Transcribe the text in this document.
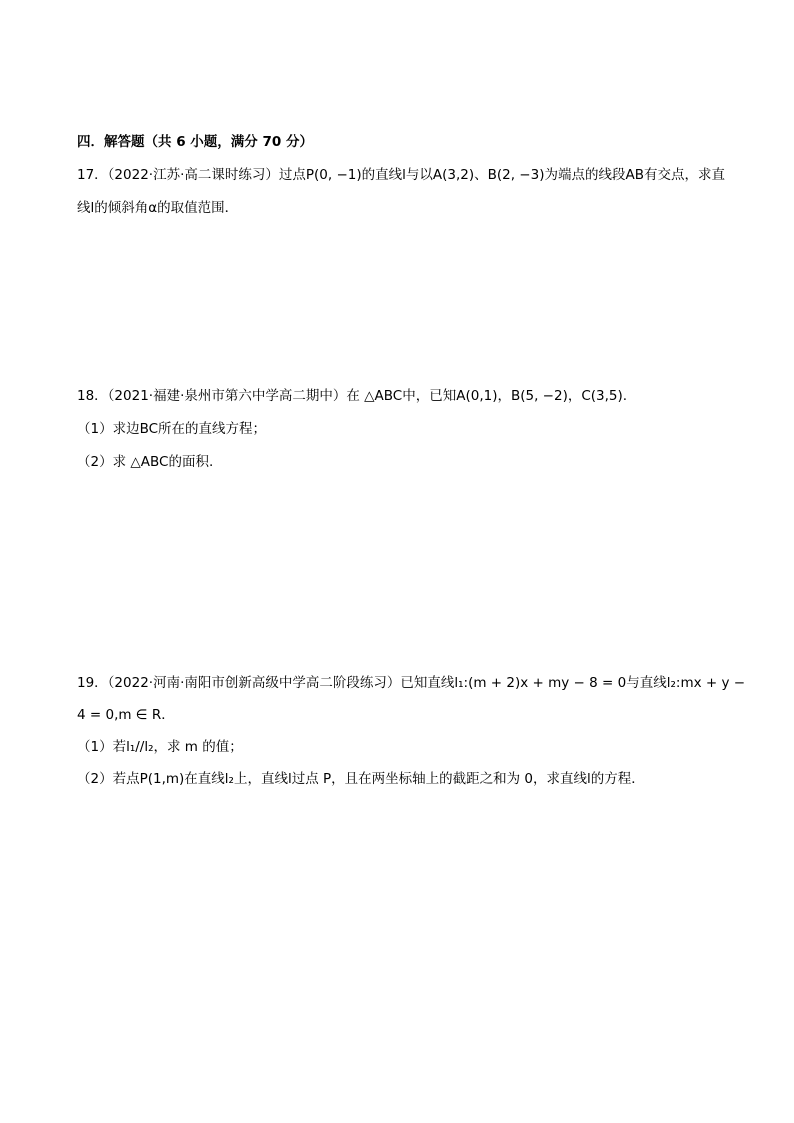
四．解答题（共 6 小题，满分 70 分）
17．（2022·江苏·高二课时练习）过点P(0, −1)的直线l与以A(3,2)、B(2, −3)为端点的线段AB有交点，求直
线l的倾斜角α的取值范围．
18．（2021·福建·泉州市第六中学高二期中）在 △ABC中，已知A(0,1)，B(5, −2)，C(3,5).
（1）求边BC所在的直线方程；
（2）求 △ABC的面积.
19．（2022·河南·南阳市创新高级中学高二阶段练习）已知直线l₁:(m + 2)x + my − 8 = 0与直线l₂:mx + y −
4 = 0,m ∈ R．
（1）若l₁//l₂，求 m 的值；
（2）若点P(1,m)在直线l₂上，直线l过点 P，且在两坐标轴上的截距之和为 0，求直线l的方程．
